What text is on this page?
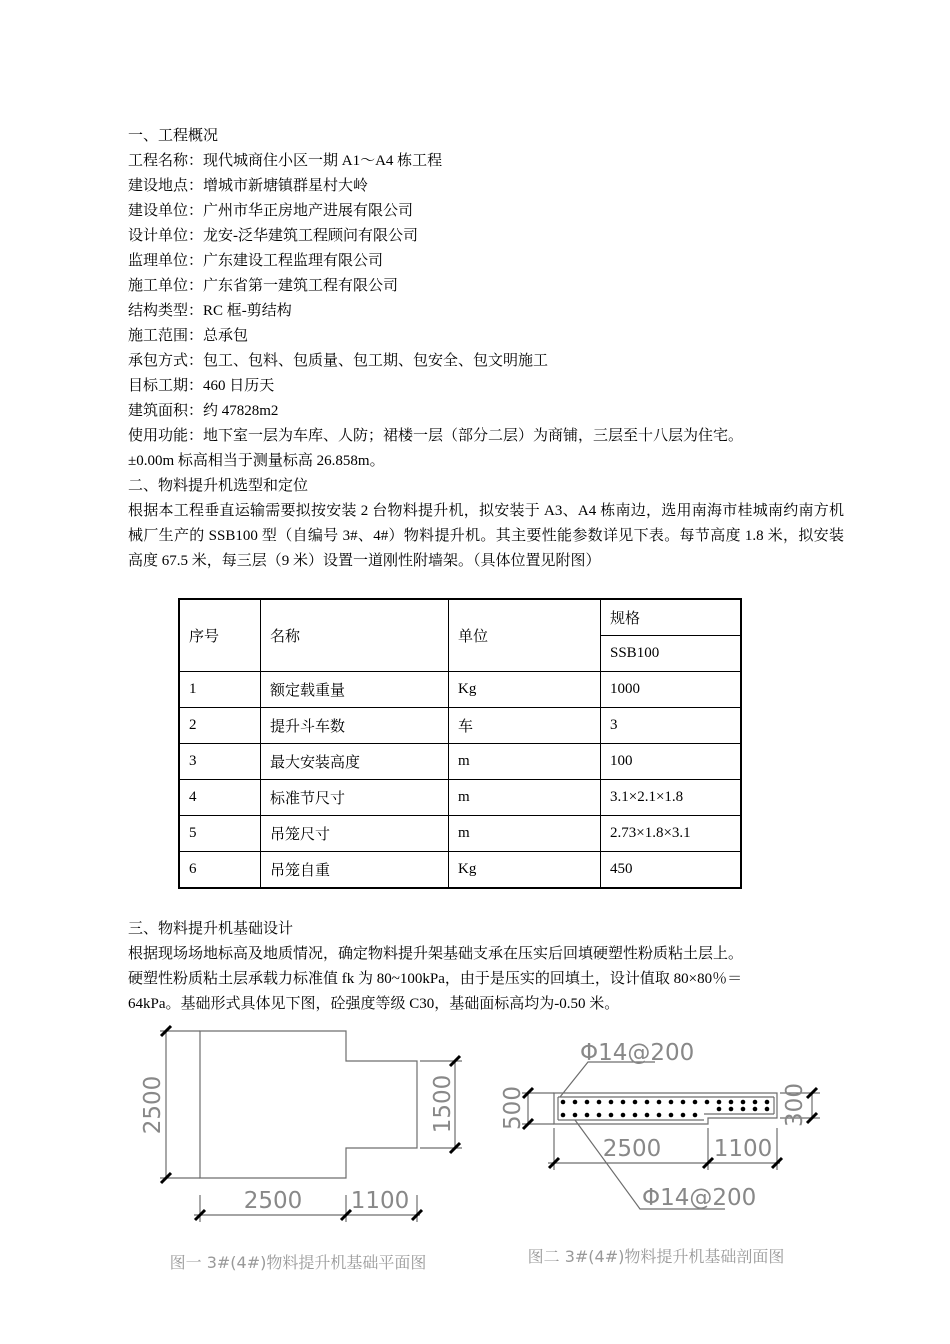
一、工程概况
工程名称：现代城商住小区一期 A1～A4 栋工程
建设地点：增城市新塘镇群星村大岭
建设单位：广州市华正房地产进展有限公司
设计单位：龙安-泛华建筑工程顾问有限公司
监理单位：广东建设工程监理有限公司
施工单位：广东省第一建筑工程有限公司
结构类型：RC 框-剪结构
施工范围：总承包
承包方式：包工、包料、包质量、包工期、包安全、包文明施工
目标工期：460 日历天
建筑面积：约 47828m2
使用功能：地下室一层为车库、人防；裙楼一层（部分二层）为商铺，三层至十八层为住宅。
±0.00m 标高相当于测量标高 26.858m。
二、物料提升机选型和定位
根据本工程垂直运输需要拟按安装 2 台物料提升机，拟安装于 A3、A4 栋南边，选用南海市桂城南约南方机械厂生产的 SSB100 型（自编号 3#、4#）物料提升机。其主要性能参数详见下表。每节高度 1.8 米，拟安装高度 67.5 米，每三层（9 米）设置一道刚性附墙架。（具体位置见附图）
序号	名称	单位	规格
			SSB100
1	额定载重量	Kg	1000
2	提升斗车数	车	3
3	最大安装高度	m	100
4	标准节尺寸	m	3.1×2.1×1.8
5	吊笼尺寸	m	2.73×1.8×3.1
6	吊笼自重	Kg	450
三、物料提升机基础设计
根据现场场地标高及地质情况，确定物料提升架基础支承在压实后回填硬塑性粉质粘土层上。
硬塑性粉质粘土层承载力标准值 fk 为 80~100kPa，由于是压实的回填土，设计值取 80×80％＝
64kPa。基础形式具体见下图，砼强度等级 C30，基础面标高均为-0.50 米。
2500	1500
2500 1100
图一 3#(4#)物料提升机基础平面图
Φ14@200
Φ14@200
500	300
2500 1100
图二 3#(4#)物料提升机基础剖面图
